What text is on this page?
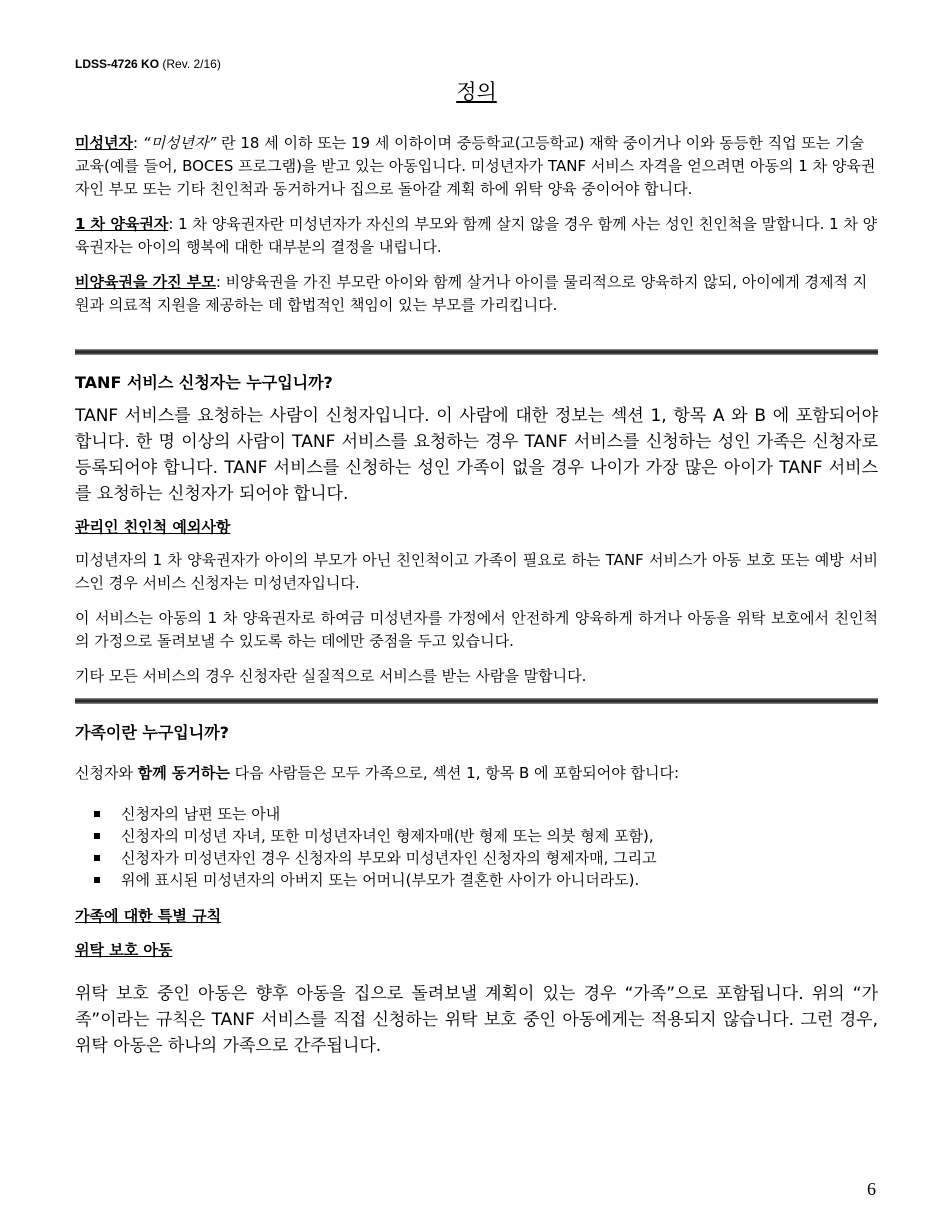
LDSS-4726 KO (Rev. 2/16)
정의

미성년자: “미성년자” 란 18 세 이하 또는 19 세 이하이며 중등학교(고등학교) 재학 중이거나 이와 동등한 직업 또는 기술 교육(예를 들어, BOCES 프로그램)을 받고 있는 아동입니다. 미성년자가 TANF 서비스 자격을 얻으려면 아동의 1 차 양육권자인 부모 또는 기타 친인척과 동거하거나 집으로 돌아갈 계획 하에 위탁 양육 중이어야 합니다.

1 차 양육권자: 1 차 양육권자란 미성년자가 자신의 부모와 함께 살지 않을 경우 함께 사는 성인 친인척을 말합니다. 1 차 양육권자는 아이의 행복에 대한 대부분의 결정을 내립니다.

비양육권을 가진 부모: 비양육권을 가진 부모란 아이와 함께 살거나 아이를 물리적으로 양육하지 않되, 아이에게 경제적 지원과 의료적 지원을 제공하는 데 합법적인 책임이 있는 부모를 가리킵니다.

TANF 서비스 신청자는 누구입니까?

TANF 서비스를 요청하는 사람이 신청자입니다. 이 사람에 대한 정보는 섹션 1, 항목 A 와 B 에 포함되어야 합니다. 한 명 이상의 사람이 TANF 서비스를 요청하는 경우 TANF 서비스를 신청하는 성인 가족은 신청자로 등록되어야 합니다. TANF 서비스를 신청하는 성인 가족이 없을 경우 나이가 가장 많은 아이가 TANF 서비스를 요청하는 신청자가 되어야 합니다.

관리인 친인척 예외사항

미성년자의 1 차 양육권자가 아이의 부모가 아닌 친인척이고 가족이 필요로 하는 TANF 서비스가 아동 보호 또는 예방 서비스인 경우 서비스 신청자는 미성년자입니다.

이 서비스는 아동의 1 차 양육권자로 하여금 미성년자를 가정에서 안전하게 양육하게 하거나 아동을 위탁 보호에서 친인척의 가정으로 돌려보낼 수 있도록 하는 데에만 중점을 두고 있습니다.

기타 모든 서비스의 경우 신청자란 실질적으로 서비스를 받는 사람을 말합니다.

가족이란 누구입니까?

신청자와 함께 동거하는 다음 사람들은 모두 가족으로, 섹션 1, 항목 B 에 포함되어야 합니다:

신청자의 남편 또는 아내
신청자의 미성년 자녀, 또한 미성년자녀인 형제자매(반 형제 또는 의붓 형제 포함),
신청자가 미성년자인 경우 신청자의 부모와 미성년자인 신청자의 형제자매, 그리고
위에 표시된 미성년자의 아버지 또는 어머니(부모가 결혼한 사이가 아니더라도).
가족에 대한 특별 규칙
위탁 보호 아동

위탁 보호 중인 아동은 향후 아동을 집으로 돌려보낼 계획이 있는 경우 “가족”으로 포함됩니다. 위의 “가족”이라는 규칙은 TANF 서비스를 직접 신청하는 위탁 보호 중인 아동에게는 적용되지 않습니다. 그런 경우, 위탁 아동은 하나의 가족으로 간주됩니다.

6
